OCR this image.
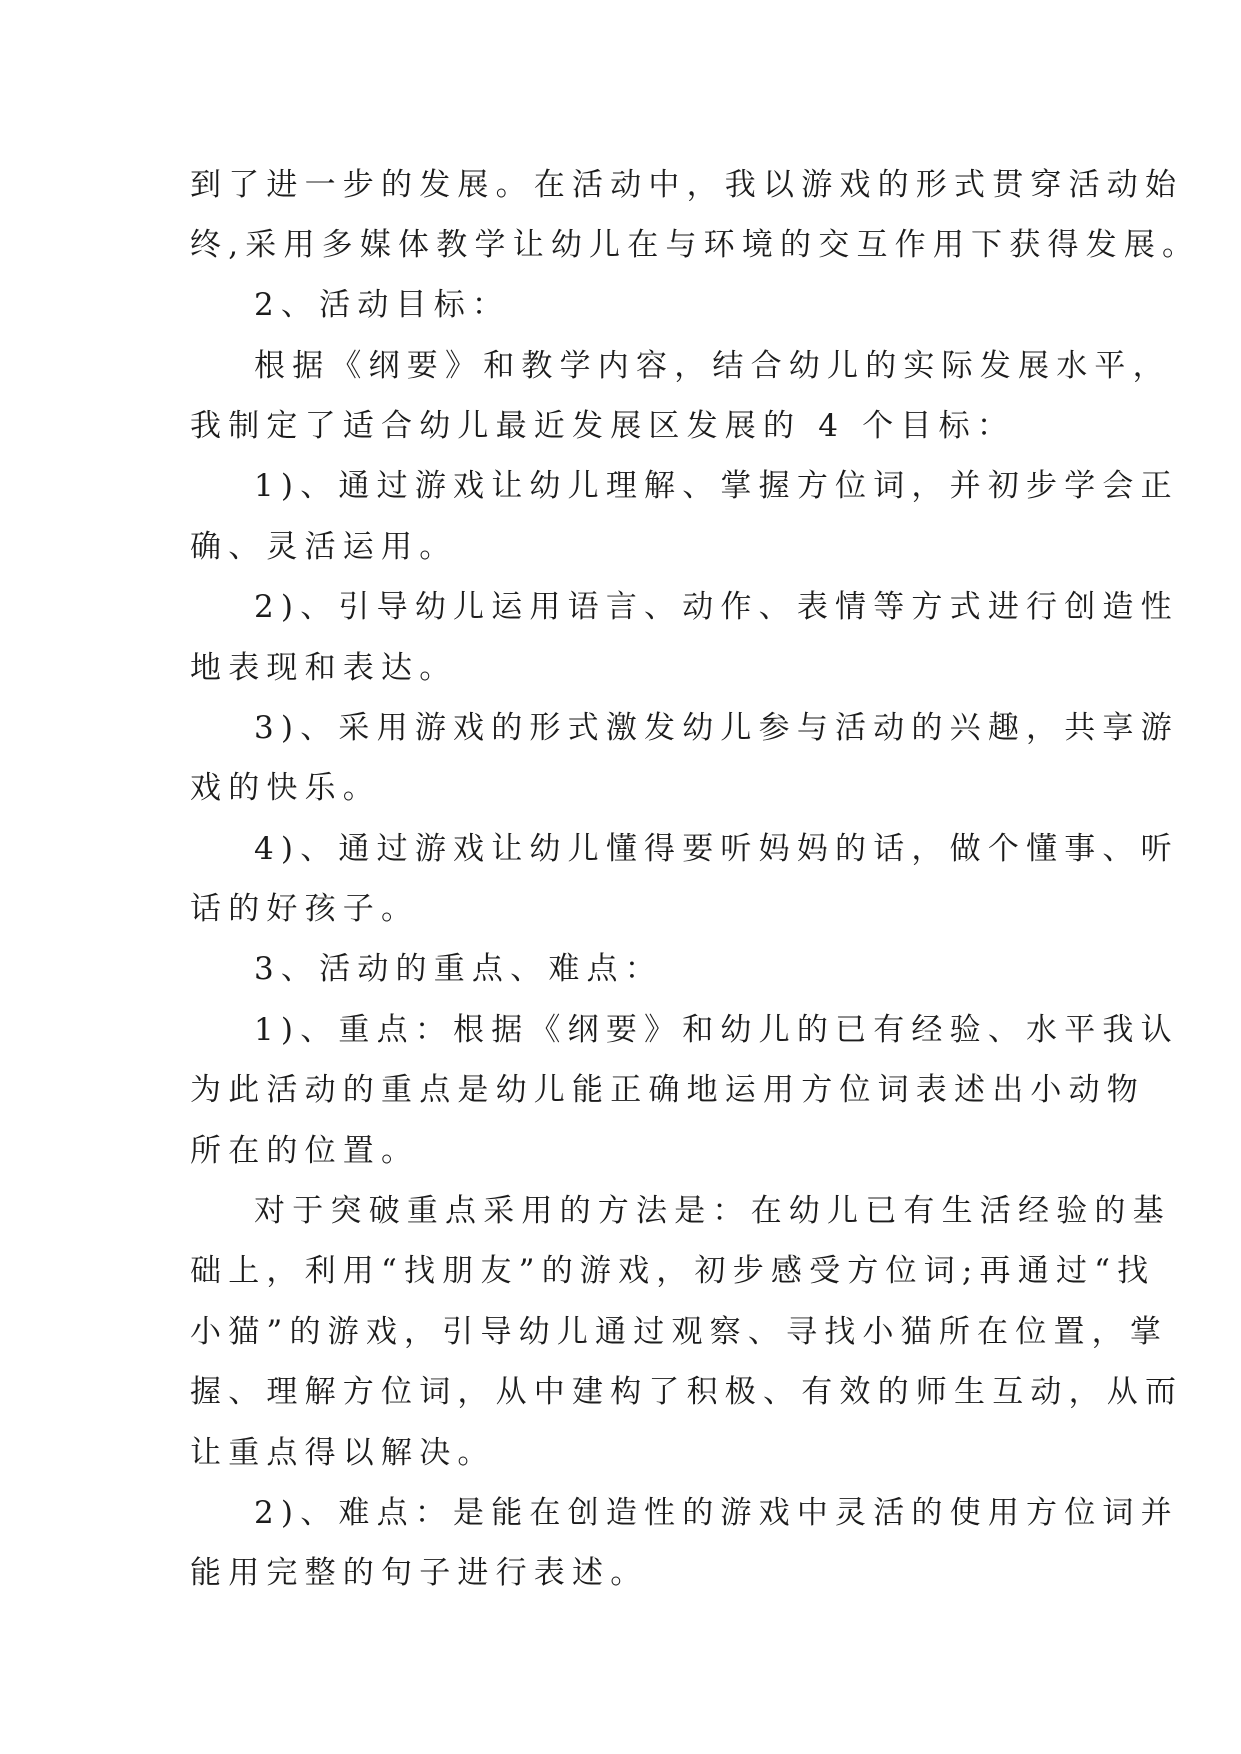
到了进一步的发展。在活动中，我以游戏的形式贯穿活动始
终,采用多媒体教学让幼儿在与环境的交互作用下获得发展。
2、活动目标：
根据《纲要》和教学内容，结合幼儿的实际发展水平，
我制定了适合幼儿最近发展区发展的 4 个目标：
1)、通过游戏让幼儿理解、掌握方位词，并初步学会正
确、灵活运用。
2)、引导幼儿运用语言、动作、表情等方式进行创造性
地表现和表达。
3)、采用游戏的形式激发幼儿参与活动的兴趣，共享游
戏的快乐。
4)、通过游戏让幼儿懂得要听妈妈的话，做个懂事、听
话的好孩子。
3、活动的重点、难点：
1)、重点：根据《纲要》和幼儿的已有经验、水平我认
为此活动的重点是幼儿能正确地运用方位词表述出小动物
所在的位置。
对于突破重点采用的方法是：在幼儿已有生活经验的基
础上，利用“找朋友”的游戏，初步感受方位词;再通过“找
小猫”的游戏，引导幼儿通过观察、寻找小猫所在位置，掌
握、理解方位词，从中建构了积极、有效的师生互动，从而
让重点得以解决。
2)、难点：是能在创造性的游戏中灵活的使用方位词并
能用完整的句子进行表述。
